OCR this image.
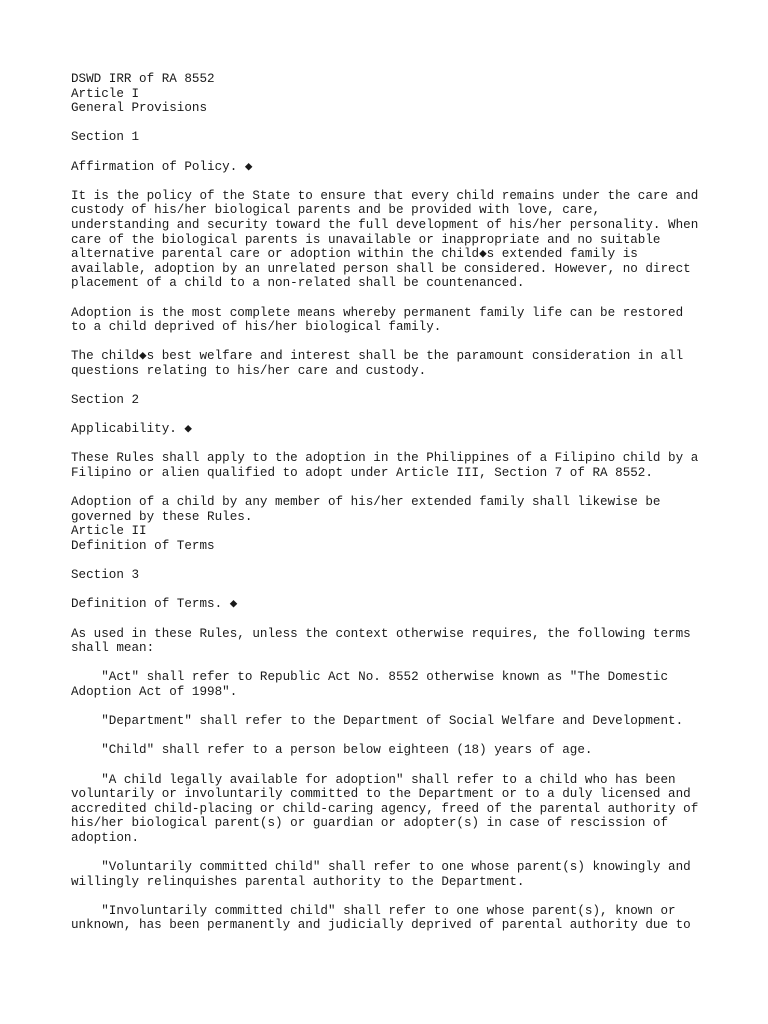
DSWD IRR of RA 8552
Article I
General Provisions
Section 1
Affirmation of Policy. ◆
It is the policy of the State to ensure that every child remains under the care and
custody of his/her biological parents and be provided with love, care,
understanding and security toward the full development of his/her personality. When
care of the biological parents is unavailable or inappropriate and no suitable
alternative parental care or adoption within the child◆s extended family is
available, adoption by an unrelated person shall be considered. However, no direct
placement of a child to a non-related shall be countenanced.
Adoption is the most complete means whereby permanent family life can be restored
to a child deprived of his/her biological family.
The child◆s best welfare and interest shall be the paramount consideration in all
questions relating to his/her care and custody.
Section 2
Applicability. ◆
These Rules shall apply to the adoption in the Philippines of a Filipino child by a
Filipino or alien qualified to adopt under Article III, Section 7 of RA 8552.
Adoption of a child by any member of his/her extended family shall likewise be
governed by these Rules.
Article II
Definition of Terms
Section 3
Definition of Terms. ◆
As used in these Rules, unless the context otherwise requires, the following terms
shall mean:
"Act" shall refer to Republic Act No. 8552 otherwise known as "The Domestic
Adoption Act of 1998".
"Department" shall refer to the Department of Social Welfare and Development.
"Child" shall refer to a person below eighteen (18) years of age.
"A child legally available for adoption" shall refer to a child who has been
voluntarily or involuntarily committed to the Department or to a duly licensed and
accredited child-placing or child-caring agency, freed of the parental authority of
his/her biological parent(s) or guardian or adopter(s) in case of rescission of
adoption.
"Voluntarily committed child" shall refer to one whose parent(s) knowingly and
willingly relinquishes parental authority to the Department.
"Involuntarily committed child" shall refer to one whose parent(s), known or
unknown, has been permanently and judicially deprived of parental authority due to
